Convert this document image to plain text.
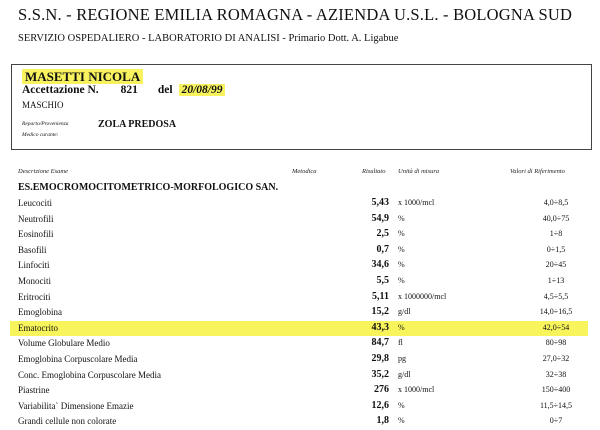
S.S.N. - REGIONE EMILIA ROMAGNA - AZIENDA U.S.L. - BOLOGNA SUD
SERVIZIO OSPEDALIERO - LABORATORIO DI ANALISI - Primario Dott. A. Ligabue
MASETTI NICOLA
Accettazione N. 821 del 20/08/99
MASCHIO
Reparto/Provenienza	ZOLA PREDOSA
Medico curante:
Descrizione Esame	Metodica	Risultato Unità di misura	Valori di Riferimento
ES.EMOCROMOCITOMETRICO-MORFOLOGICO SAN.
Leucociti	5,43 x 1000/mcl	4,0÷8,5
Neutrofili	54,9 %	40,0÷75
Eosinofili	2,5 %	1÷8
Basofili	0,7 %	0÷1,5
Linfociti	34,6 %	20÷45
Monociti	5,5 %	1÷13
Eritrociti	5,11 x 1000000/mcl	4,5÷5,5
Emoglobina	15,2 g/dl	14,0÷16,5
Ematocrito	43,3 %	42,0÷54
Volume Globulare Medio	84,7 fl	80÷98
Emoglobina Corpuscolare Media	29,8 pg	27,0÷32
Conc. Emoglobina Corpuscolare Media	35,2 g/dl	32÷38
Piastrine	276 x 1000/mcl	150÷400
Variabilita` Dimensione Emazie	12,6 %	11,5÷14,5
Grandi cellule non colorate	1,8 %	0÷7
